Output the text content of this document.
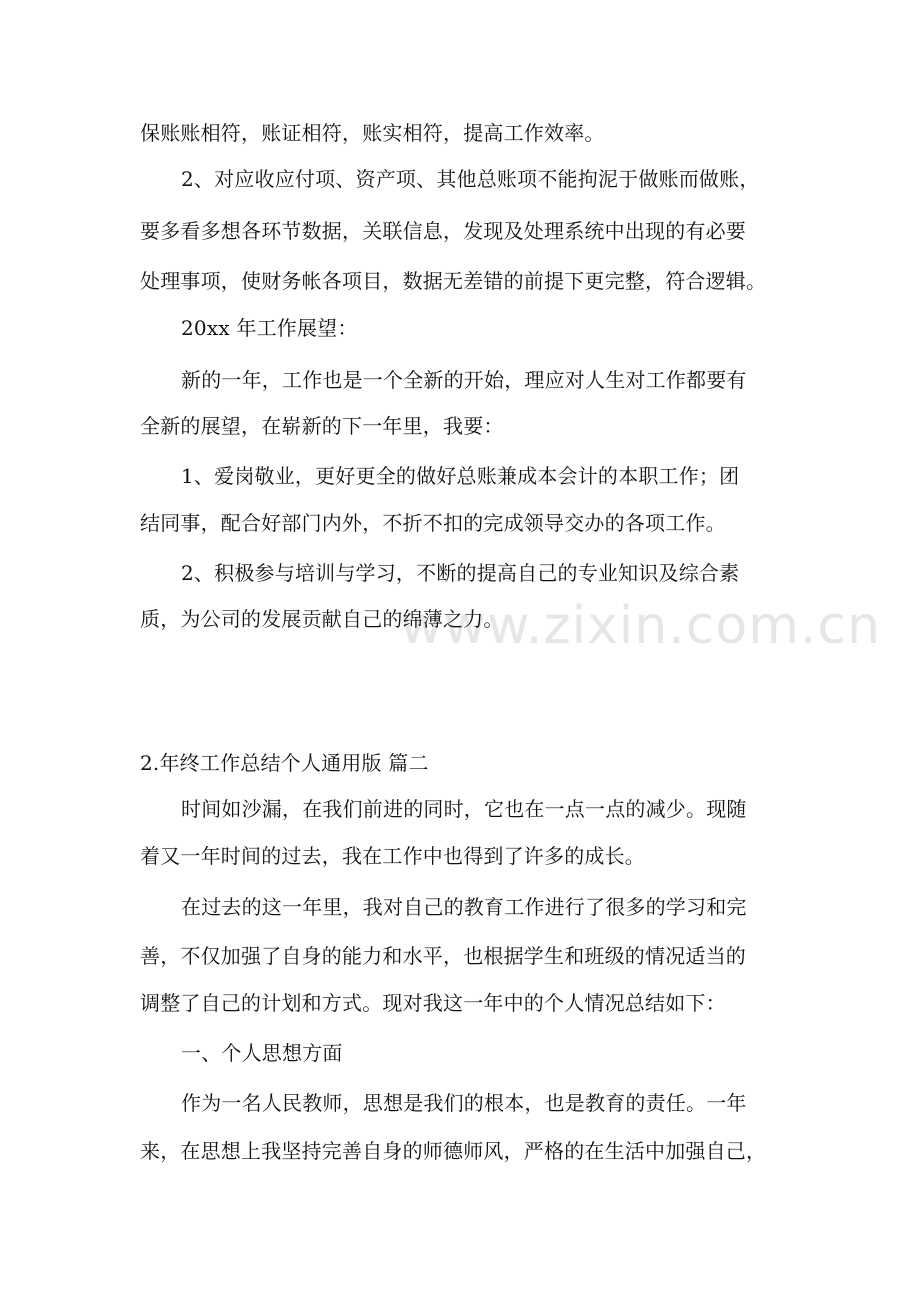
www.zixin.com.cn
保账账相符，账证相符，账实相符，提高工作效率。
2、对应收应付项、资产项、其他总账项不能拘泥于做账而做账，
要多看多想各环节数据，关联信息，发现及处理系统中出现的有必要
处理事项，使财务帐各项目，数据无差错的前提下更完整，符合逻辑。
20xx 年工作展望：
新的一年，工作也是一个全新的开始，理应对人生对工作都要有
全新的展望，在崭新的下一年里，我要：
1、爱岗敬业，更好更全的做好总账兼成本会计的本职工作；团
结同事，配合好部门内外，不折不扣的完成领导交办的各项工作。
2、积极参与培训与学习，不断的提高自己的专业知识及综合素
质，为公司的发展贡献自己的绵薄之力。
2.年终工作总结个人通用版 篇二
时间如沙漏，在我们前进的同时，它也在一点一点的减少。现随
着又一年时间的过去，我在工作中也得到了许多的成长。
在过去的这一年里，我对自己的教育工作进行了很多的学习和完
善，不仅加强了自身的能力和水平，也根据学生和班级的情况适当的
调整了自己的计划和方式。现对我这一年中的个人情况总结如下：
一、个人思想方面
作为一名人民教师，思想是我们的根本，也是教育的责任。一年
来，在思想上我坚持完善自身的师德师风，严格的在生活中加强自己，
